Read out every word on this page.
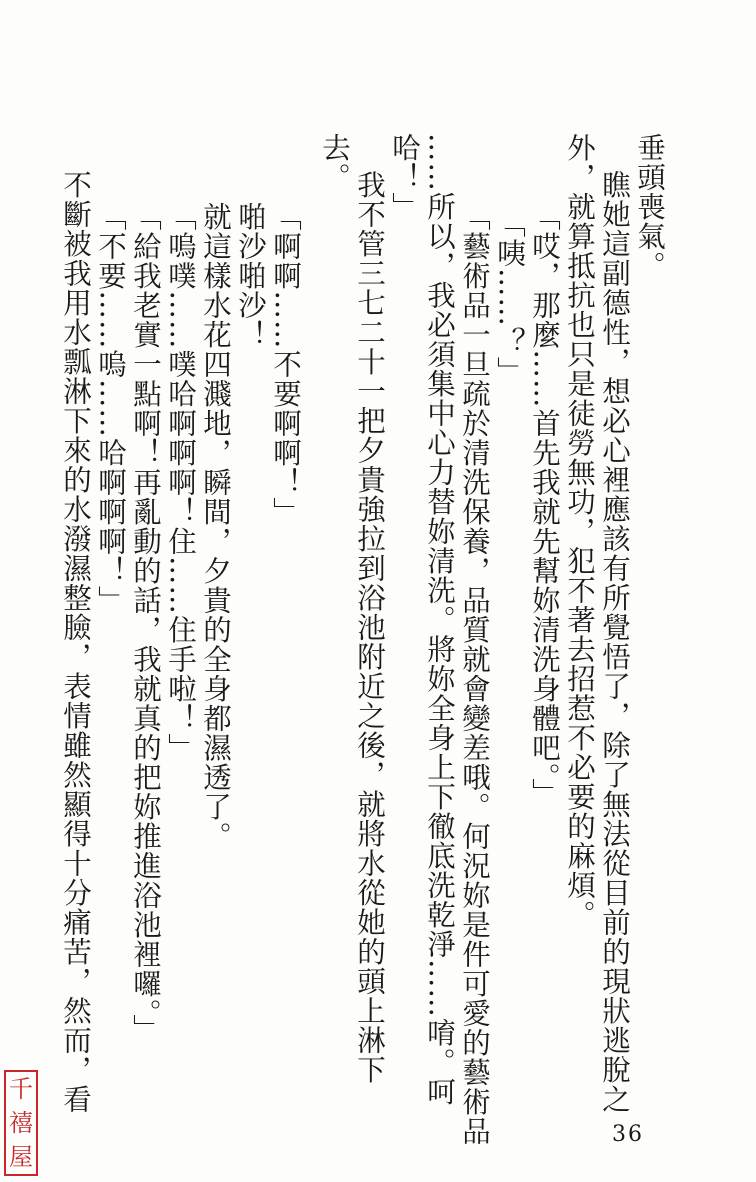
垂頭喪氣。
瞧她這副德性，想必心裡應該有所覺悟了，除了無法從目前的現狀逃脫之
外，就算抵抗也只是徒勞無功，犯不著去招惹不必要的麻煩。
「哎，那麼……首先我就先幫妳清洗身體吧。」
「咦……？」
「藝術品一旦疏於清洗保養，品質就會變差哦。何況妳是件可愛的藝術品
……所以，我必須集中心力替妳清洗。將妳全身上下徹底洗乾淨……唷。呵
哈！」
我不管三七二十一把夕貴強拉到浴池附近之後，就將水從她的頭上淋下
去。
「啊啊……不要啊啊！」
啪沙啪沙！
就這樣水花四濺地，瞬間，夕貴的全身都濕透了。
「嗚噗……噗哈啊啊啊！住……住手啦！」
「給我老實一點啊！再亂動的話，我就真的把妳推進浴池裡囉。」
「不要……嗚……哈啊啊啊！」
不斷被我用水瓢淋下來的水潑濕整臉，表情雖然顯得十分痛苦，然而，看
36
千
禧
屋
